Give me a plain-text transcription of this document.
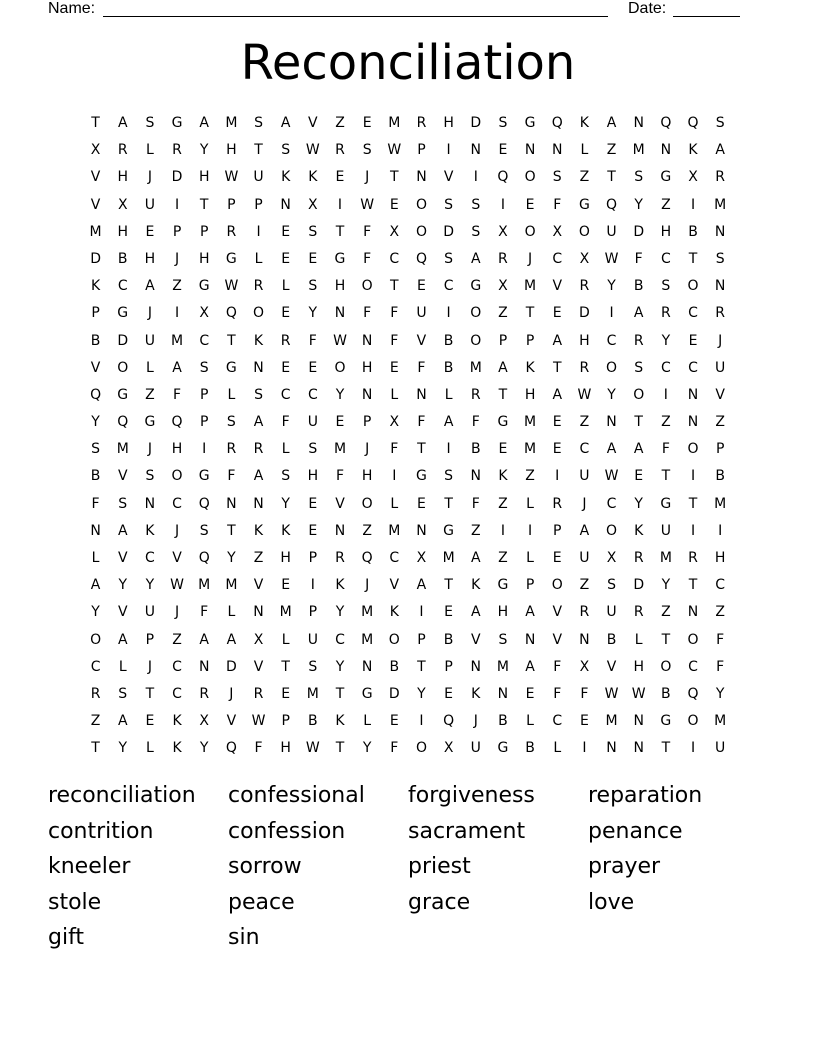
Name:	Date:
Reconciliation
T	A	S	G	A	M	S	A	V	Z	E	M	R	H	D	S	G	Q	K	A	N	Q	Q	S
X	R	L	R	Y	H	T	S	W	R	S	W	P	I	N	E	N	N	L	Z	M	N	K	A
V	H	J	D	H	W	U	K	K	E	J	T	N	V	I	Q	O	S	Z	T	S	G	X	R
V	X	U	I	T	P	P	N	X	I	W	E	O	S	S	I	E	F	G	Q	Y	Z	I	M
M	H	E	P	P	R	I	E	S	T	F	X	O	D	S	X	O	X	O	U	D	H	B	N
D	B	H	J	H	G	L	E	E	G	F	C	Q	S	A	R	J	C	X	W	F	C	T	S
K	C	A	Z	G	W	R	L	S	H	O	T	E	C	G	X	M	V	R	Y	B	S	O	N
P	G	J	I	X	Q	O	E	Y	N	F	F	U	I	O	Z	T	E	D	I	A	R	C	R
B	D	U	M	C	T	K	R	F	W	N	F	V	B	O	P	P	A	H	C	R	Y	E	J
V	O	L	A	S	G	N	E	E	O	H	E	F	B	M	A	K	T	R	O	S	C	C	U
Q	G	Z	F	P	L	S	C	C	Y	N	L	N	L	R	T	H	A	W	Y	O	I	N	V
Y	Q	G	Q	P	S	A	F	U	E	P	X	F	A	F	G	M	E	Z	N	T	Z	N	Z
S	M	J	H	I	R	R	L	S	M	J	F	T	I	B	E	M	E	C	A	A	F	O	P
B	V	S	O	G	F	A	S	H	F	H	I	G	S	N	K	Z	I	U	W	E	T	I	B
F	S	N	C	Q	N	N	Y	E	V	O	L	E	T	F	Z	L	R	J	C	Y	G	T	M
N	A	K	J	S	T	K	K	E	N	Z	M	N	G	Z	I	I	P	A	O	K	U	I	I
L	V	C	V	Q	Y	Z	H	P	R	Q	C	X	M	A	Z	L	E	U	X	R	M	R	H
A	Y	Y	W	M	M	V	E	I	K	J	V	A	T	K	G	P	O	Z	S	D	Y	T	C
Y	V	U	J	F	L	N	M	P	Y	M	K	I	E	A	H	A	V	R	U	R	Z	N	Z
O	A	P	Z	A	A	X	L	U	C	M	O	P	B	V	S	N	V	N	B	L	T	O	F
C	L	J	C	N	D	V	T	S	Y	N	B	T	P	N	M	A	F	X	V	H	O	C	F
R	S	T	C	R	J	R	E	M	T	G	D	Y	E	K	N	E	F	F	W W	B	Q	Y
Z	A	E	K	X	V	W	P	B	K	L	E	I	Q	J	B	L	C	E	M	N	G	O	M
T	Y	L	K	Y	Q	F	H	W	T	Y	F	O	X	U	G	B	L	I	N	N	T	I	U
reconciliation	confessional	forgiveness	reparation
contrition	confession	sacrament	penance
kneeler	sorrow	priest	prayer
stole	peace	grace	love
gift	sin
